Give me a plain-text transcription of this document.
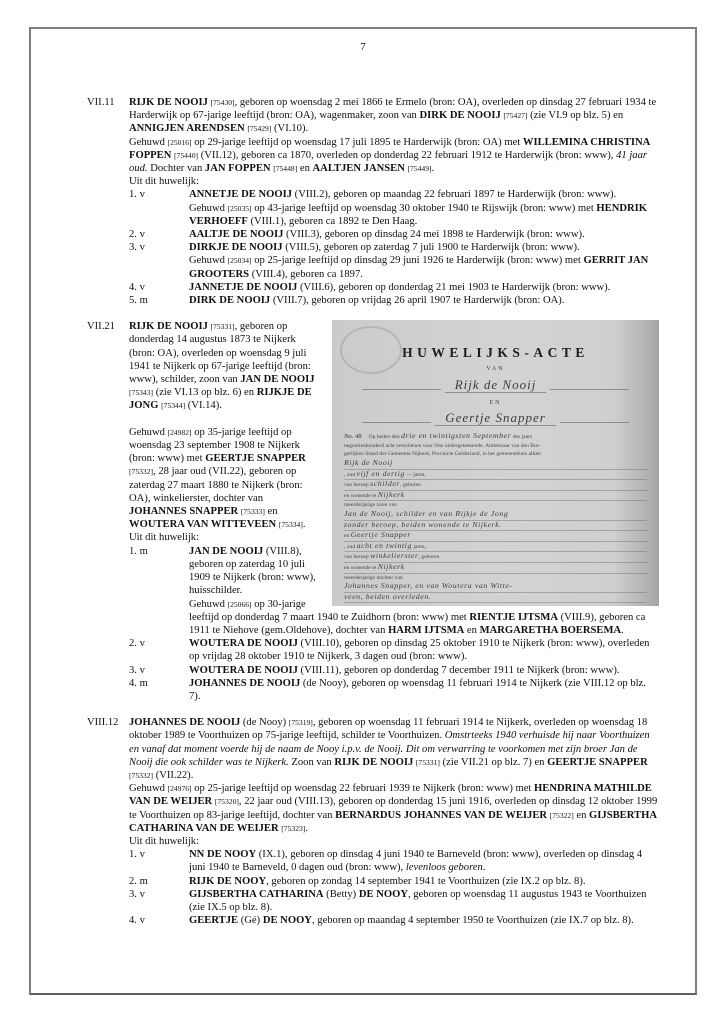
7
VII.11	RIJK DE NOOIJ [75430], geboren op woensdag 2 mei 1866 te Ermelo (bron: OA), overleden op dinsdag 27 februari 1934 te Harderwijk op 67-jarige leeftijd (bron: OA), wagenmaker, zoon van DIRK DE NOOIJ [75427] (zie VI.9 op blz. 5) en ANNIGJEN ARENDSEN [75429] (VI.10).

Gehuwd [25016] op 29-jarige leeftijd op woensdag 17 juli 1895 te Harderwijk (bron: OA) met WILLEMINA CHRISTINA FOPPEN [75440] (VII.12), geboren ca 1870, overleden op donderdag 22 februari 1912 te Harderwijk (bron: www), 41 jaar oud. Dochter van JAN FOPPEN [75448] en AALTJEN JANSEN [75449].

Uit dit huwelijk:

1. v	ANNETJE DE NOOIJ (VIII.2), geboren op maandag 22 februari 1897 te Harderwijk (bron: www).

Gehuwd [25035] op 43-jarige leeftijd op woensdag 30 oktober 1940 te Rijswijk (bron: www) met HENDRIK VERHOEFF (VIII.1), geboren ca 1892 te Den Haag.

2. v	AALTJE DE NOOIJ (VIII.3), geboren op dinsdag 24 mei 1898 te Harderwijk (bron: www).

3. v	DIRKJE DE NOOIJ (VIII.5), geboren op zaterdag 7 juli 1900 te Harderwijk (bron: www).

Gehuwd [25034] op 25-jarige leeftijd op dinsdag 29 juni 1926 te Harderwijk (bron: www) met GERRIT JAN GROOTERS (VIII.4), geboren ca 1897.

4. v	JANNETJE DE NOOIJ (VIII.6), geboren op donderdag 21 mei 1903 te Harderwijk (bron: www).

5. m	DIRK DE NOOIJ (VIII.7), geboren op vrijdag 26 april 1907 te Harderwijk (bron: OA).

VII.21
HUWELIJKS-ACTE
VAN
Rijk de Nooij
EN
Geertje Snapper
No. 48 Op heden den drie en twintigsten September des jaars
negentienhonderd acht verschenen voor Ons ondergeteekende, Ambtenaar van den Bur-
gerlijken Stand der Gemeente Nijkerk, Provincie Gelderland, in het gemeentehuis alhier
Rijk de Nooij
, oud vijf en dertig — jaren,
van beroep schilder, geboren
en wonende te Nijkerk
meerderjarige zoon van
Jan de Nooij, schilder en van Rijkje de Jong
zonder beroep, beiden wonende te Nijkerk.
en Geertje Snapper
, oud acht en twintig jaren,
van beroep winkelierster, geboren
en wonende te Nijkerk
meerderjarige dochter van
Johannes Snapper, en van Woutera van Witte-
veen, beiden overleden.

RIJK DE NOOIJ [75331], geboren op donderdag 14 augustus 1873 te Nijkerk (bron: OA), overleden op woensdag 9 juli 1941 te Nijkerk op 67-jarige leeftijd (bron: www), schilder, zoon van JAN DE NOOIJ [75343] (zie VI.13 op blz. 6) en RIJKJE DE JONG [75344] (VI.14).

Gehuwd [24982] op 35-jarige leeftijd op woensdag 23 september 1908 te Nijkerk (bron: www) met GEERTJE SNAPPER [75332], 28 jaar oud (VII.22), geboren op zaterdag 27 maart 1880 te Nijkerk (bron: OA), winkelierster, dochter van JOHANNES SNAPPER [75333] en WOUTERA VAN WITTEVEEN [75334].

Uit dit huwelijk:

1. m	JAN DE NOOIJ (VIII.8), geboren op zaterdag 10 juli 1909 te Nijkerk (bron: www), huisschilder.

Gehuwd [25066] op 30-jarige leeftijd op donderdag 7 maart 1940 te Zuidhorn (bron: www) met RIENTJE IJTSMA (VIII.9), geboren ca 1911 te Niehove (gem.Oldehove), dochter van HARM IJTSMA en MARGARETHA BOERSEMA.

2. v	WOUTERA DE NOOIJ (VIII.10), geboren op dinsdag 25 oktober 1910 te Nijkerk (bron: www), overleden op vrijdag 28 oktober 1910 te Nijkerk, 3 dagen oud (bron: www).

3. v	WOUTERA DE NOOIJ (VIII.11), geboren op donderdag 7 december 1911 te Nijkerk (bron: www).

4. m	JOHANNES DE NOOIJ (de Nooy), geboren op woensdag 11 februari 1914 te Nijkerk (zie VIII.12 op blz. 7).

VIII.12 JOHANNES DE NOOIJ (de Nooy) [75319], geboren op woensdag 11 februari 1914 te Nijkerk, overleden op woensdag 18 oktober 1989 te Voorthuizen op 75-jarige leeftijd, schilder te Voorthuizen. Omstrteeks 1940 verhuisde hij naar Voorthuizen en vanaf dat moment voerde hij de naam de Nooy i.p.v. de Nooij. Dit om verwarring te voorkomen met zijn broer Jan de Nooij die ook schilder was te Nijkerk. Zoon van RIJK DE NOOIJ [75331] (zie VII.21 op blz. 7) en GEERTJE SNAPPER [75332] (VII.22).

Gehuwd [24976] op 25-jarige leeftijd op woensdag 22 februari 1939 te Nijkerk (bron: www) met HENDRINA MATHILDE VAN DE WEIJER [75320], 22 jaar oud (VIII.13), geboren op donderdag 15 juni 1916, overleden op dinsdag 12 oktober 1999 te Voorthuizen op 83-jarige leeftijd, dochter van BERNARDUS JOHANNES VAN DE WEIJER [75322] en GIJSBERTHA CATHARINA VAN DE WEIJER [75323].

Uit dit huwelijk:

1. v	NN DE NOOY (IX.1), geboren op dinsdag 4 juni 1940 te Barneveld (bron: www), overleden op dinsdag 4 juni 1940 te Barneveld, 0 dagen oud (bron: www), levenloos geboren.

2. m	RIJK DE NOOY, geboren op zondag 14 september 1941 te Voorthuizen (zie IX.2 op blz. 8).

3. v	GIJSBERTHA CATHARINA (Betty) DE NOOY, geboren op woensdag 11 augustus 1943 te Voorthuizen (zie IX.5 op blz. 8).

4. v	GEERTJE (Gé) DE NOOY, geboren op maandag 4 september 1950 te Voorthuizen (zie IX.7 op blz. 8).
